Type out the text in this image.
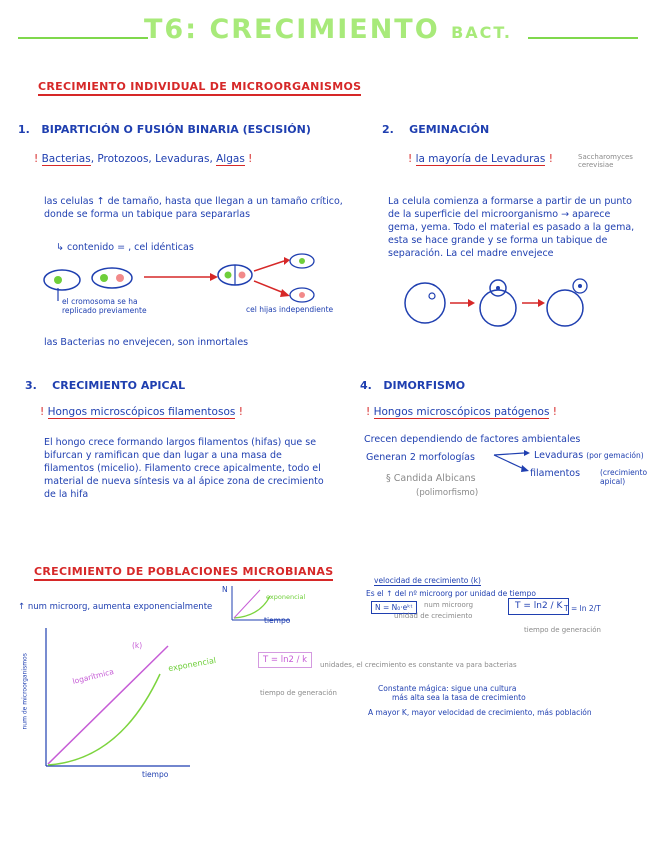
T6: CRECIMIENTO BACT.
CRECIMIENTO INDIVIDUAL DE MICROORGANISMOS
1. BIPARTICIÓN O FUSIÓN BINARIA (ESCISIÓN)
! Bacterias, Protozoos, Levaduras, Algas !
las celulas ↑ de tamaño, hasta que llegan a un tamaño crítico, donde se forma un tabique para separarlas
↳ contenido = , cel idénticas
el cromosoma se ha replicado previamente	cel hijas independiente
las Bacterias no envejecen, son inmortales
2. GEMINACIÓN
! la mayoría de Levaduras !	Saccharomyces cerevisiae
La celula comienza a formarse a partir de un punto de la superficie del microorganismo → aparece gema, yema. Todo el material es pasado a la gema, esta se hace grande y se forma un tabique de separación. La cel madre envejece
3. CRECIMIENTO APICAL
! Hongos microscópicos filamentosos !
El hongo crece formando largos filamentos (hifas) que se bifurcan y ramifican que dan lugar a una masa de filamentos (micelio). Filamento crece apicalmente, todo el material de nueva síntesis va al ápice zona de crecimiento de la hifa
4. DIMORFISMO
! Hongos microscópicos patógenos !
Crecen dependiendo de factores ambientales
Generan 2 morfologías	Levaduras (por gemación)
filamentos	(crecimiento apical)
§ Candida Albicans
(polimorfismo)
CRECIMIENTO DE POBLACIONES MICROBIANAS
↑ num microorg, aumenta exponencialmente
N
tiempo
exponencial
num de microorganismos
tiempo
logarítmica
(k)
exponencial	T = ln2 / k	unidades, el crecimiento es constante va para bacterias
tiempo de generación
velocidad de crecimiento (k)
Es el ↑ del nº microorg por unidad de tiempo
N = N₀·eᵏᵗ	num microorg
unidad de crecimiento
T = ln2 / K T = ln 2/T
tiempo de generación
Constante mágica: sigue una cultura
más alta sea la tasa de crecimiento
A mayor K, mayor velocidad de crecimiento, más población
